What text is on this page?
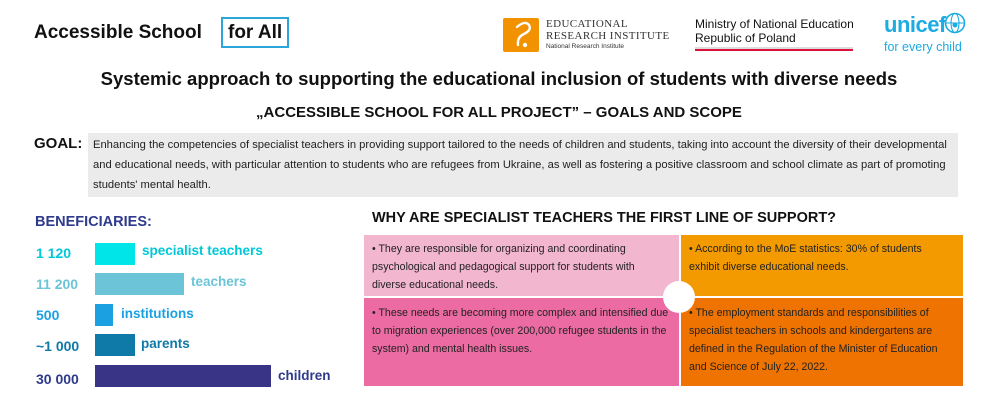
Accessible School	for All	EDUCATIONAL
RESEARCH INSTITUTE
National Research Institute
Ministry of National Education
Republic of Poland
unicef
for every child
Systemic approach to supporting the educational inclusion of students with diverse needs
„ACCESSIBLE SCHOOL FOR ALL PROJECT” – GOALS AND SCOPE
GOAL: Enhancing the competencies of specialist teachers in providing support tailored to the needs of children and students, taking into account the diversity of their developmental and educational needs, with particular attention to students who are refugees from Ukraine, as well as fostering a positive classroom and school climate as part of promoting students' mental health.
BENEFICIARIES:
1 120	specialist teachers
11 200	teachers
500	institutions
~1 000	parents
30 000	children
WHY ARE SPECIALIST TEACHERS THE FIRST LINE OF SUPPORT?
• They are responsible for organizing and coordinating psychological and pedagogical support for students with diverse educational needs.
• According to the MoE statistics: 30% of students exhibit diverse educational needs.
• These needs are becoming more complex and intensified due to migration experiences (over 200,000 refugee students in the system) and mental health issues.
• The employment standards and responsibilities of specialist teachers in schools and kindergartens are defined in the Regulation of the Minister of Education and Science of July 22, 2022.
